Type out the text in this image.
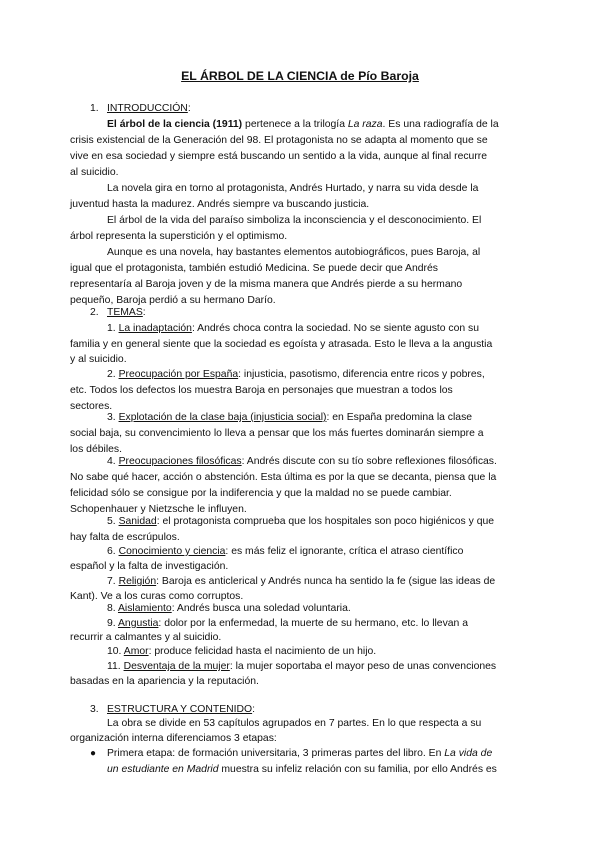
EL ÁRBOL DE LA CIENCIA de Pío Baroja
1. INTRODUCCIÓN:
El árbol de la ciencia (1911) pertenece a la trilogía La raza. Es una radiografía de la
crisis existencial de la Generación del 98. El protagonista no se adapta al momento que se
vive en esa sociedad y siempre está buscando un sentido a la vida, aunque al final recurre
al suicidio.
La novela gira en torno al protagonista, Andrés Hurtado, y narra su vida desde la
juventud hasta la madurez. Andrés siempre va buscando justicia.
El árbol de la vida del paraíso simboliza la inconsciencia y el desconocimiento. El
árbol representa la superstición y el optimismo.
Aunque es una novela, hay bastantes elementos autobiográficos, pues Baroja, al
igual que el protagonista, también estudió Medicina. Se puede decir que Andrés
representaría al Baroja joven y de la misma manera que Andrés pierde a su hermano
pequeño, Baroja perdió a su hermano Darío.
2. TEMAS:
1. La inadaptación: Andrés choca contra la sociedad. No se siente agusto con su
familia y en general siente que la sociedad es egoísta y atrasada. Esto le lleva a la angustia
y al suicidio.
2. Preocupación por España: injusticia, pasotismo, diferencia entre ricos y pobres,
etc. Todos los defectos los muestra Baroja en personajes que muestran a todos los
sectores.
3. Explotación de la clase baja (injusticia social): en España predomina la clase
social baja, su convencimiento lo lleva a pensar que los más fuertes dominarán siempre a
los débiles.
4. Preocupaciones filosóficas: Andrés discute con su tío sobre reflexiones filosóficas.
No sabe qué hacer, acción o abstención. Esta última es por la que se decanta, piensa que la
felicidad sólo se consigue por la indiferencia y que la maldad no se puede cambiar.
Schopenhauer y Nietzsche le influyen.
5. Sanidad: el protagonista comprueba que los hospitales son poco higiénicos y que
hay falta de escrúpulos.
6. Conocimiento y ciencia: es más feliz el ignorante, crítica el atraso científico
español y la falta de investigación.
7. Religión: Baroja es anticlerical y Andrés nunca ha sentido la fe (sigue las ideas de
Kant). Ve a los curas como corruptos.
8. Aislamiento: Andrés busca una soledad voluntaria.
9. Angustia: dolor por la enfermedad, la muerte de su hermano, etc. lo llevan a
recurrir a calmantes y al suicidio.
10. Amor: produce felicidad hasta el nacimiento de un hijo.
11. Desventaja de la mujer: la mujer soportaba el mayor peso de unas convenciones
basadas en la apariencia y la reputación.
3. ESTRUCTURA Y CONTENIDO:
La obra se divide en 53 capítulos agrupados en 7 partes. En lo que respecta a su
organización interna diferenciamos 3 etapas:
● Primera etapa: de formación universitaria, 3 primeras partes del libro. En La vida de
un estudiante en Madrid muestra su infeliz relación con su familia, por ello Andrés es
